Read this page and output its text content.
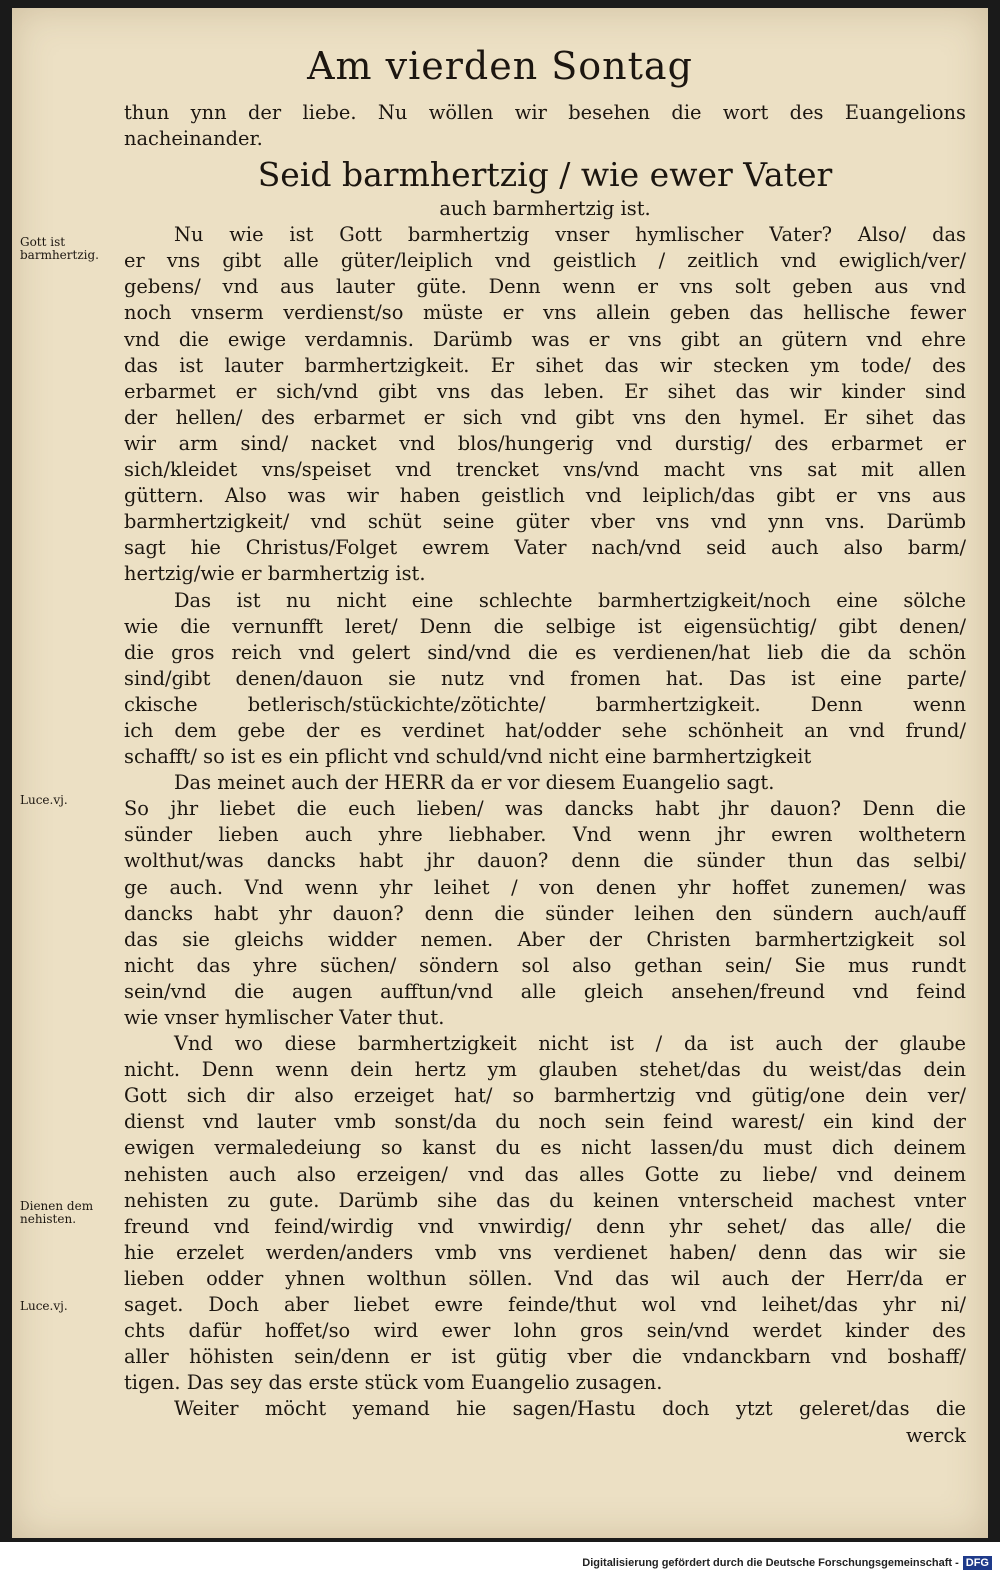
Am vierden Sontag
thun ynn der liebe. Nu wöllen wir besehen die wort des Euangelions
nacheinander.
Seid barmhertzig / wie ewer Vater
auch barmhertzig ist.
Nu wie ist Gott barmhertzig vnser hymlischer Vater? Also/ das
er vns gibt alle güter/leiplich vnd geistlich / zeitlich vnd ewiglich/ver/
gebens/ vnd aus lauter güte. Denn wenn er vns solt geben aus vnd
noch vnserm verdienst/so müste er vns allein geben das hellische fewer
vnd die ewige verdamnis. Darümb was er vns gibt an gütern vnd ehre
das ist lauter barmhertzigkeit. Er sihet das wir stecken ym tode/ des
erbarmet er sich/vnd gibt vns das leben. Er sihet das wir kinder sind
der hellen/ des erbarmet er sich vnd gibt vns den hymel. Er sihet das
wir arm sind/ nacket vnd blos/hungerig vnd durstig/ des erbarmet er
sich/kleidet vns/speiset vnd trencket vns/vnd macht vns sat mit allen
güttern. Also was wir haben geistlich vnd leiplich/das gibt er vns aus
barmhertzigkeit/ vnd schüt seine güter vber vns vnd ynn vns. Darümb
sagt hie Christus/Folget ewrem Vater nach/vnd seid auch also barm/
hertzig/wie er barmhertzig ist.
Das ist nu nicht eine schlechte barmhertzigkeit/noch eine sölche
wie die vernunfft leret/ Denn die selbige ist eigensüchtig/ gibt denen/
die gros reich vnd gelert sind/vnd die es verdienen/hat lieb die da schön
sind/gibt denen/dauon sie nutz vnd fromen hat. Das ist eine parte/
ckische betlerisch/stückichte/zötichte/ barmhertzigkeit. Denn wenn
ich dem gebe der es verdinet hat/odder sehe schönheit an vnd frund/
schafft/ so ist es ein pflicht vnd schuld/vnd nicht eine barmhertzigkeit
Das meinet auch der HERR da er vor diesem Euangelio sagt.
So jhr liebet die euch lieben/ was dancks habt jhr dauon? Denn die
sünder lieben auch yhre liebhaber. Vnd wenn jhr ewren wolthetern
wolthut/was dancks habt jhr dauon? denn die sünder thun das selbi/
ge auch. Vnd wenn yhr leihet / von denen yhr hoffet zunemen/ was
dancks habt yhr dauon? denn die sünder leihen den sündern auch/auff
das sie gleichs widder nemen. Aber der Christen barmhertzigkeit sol
nicht das yhre süchen/ söndern sol also gethan sein/ Sie mus rundt
sein/vnd die augen aufftun/vnd alle gleich ansehen/freund vnd feind
wie vnser hymlischer Vater thut.
Vnd wo diese barmhertzigkeit nicht ist / da ist auch der glaube
nicht. Denn wenn dein hertz ym glauben stehet/das du weist/das dein
Gott sich dir also erzeiget hat/ so barmhertzig vnd gütig/one dein ver/
dienst vnd lauter vmb sonst/da du noch sein feind warest/ ein kind der
ewigen vermaledeiung so kanst du es nicht lassen/du must dich deinem
nehisten auch also erzeigen/ vnd das alles Gotte zu liebe/ vnd deinem
nehisten zu gute. Darümb sihe das du keinen vnterscheid machest vnter
freund vnd feind/wirdig vnd vnwirdig/ denn yhr sehet/ das alle/ die
hie erzelet werden/anders vmb vns verdienet haben/ denn das wir sie
lieben odder yhnen wolthun söllen. Vnd das wil auch der Herr/da er
saget. Doch aber liebet ewre feinde/thut wol vnd leihet/das yhr ni/
chts dafür hoffet/so wird ewer lohn gros sein/vnd werdet kinder des
aller höhisten sein/denn er ist gütig vber die vndanckbarn vnd boshaff/
tigen. Das sey das erste stück vom Euangelio zusagen.
Weiter möcht yemand hie sagen/Hastu doch ytzt geleret/das die
werck
Gott ist barmhertzig.
Luce.vj.
Dienen dem nehisten.
Luce.vj.
Digitalisierung gefördert durch die Deutsche Forschungsgemeinschaft - DFG
